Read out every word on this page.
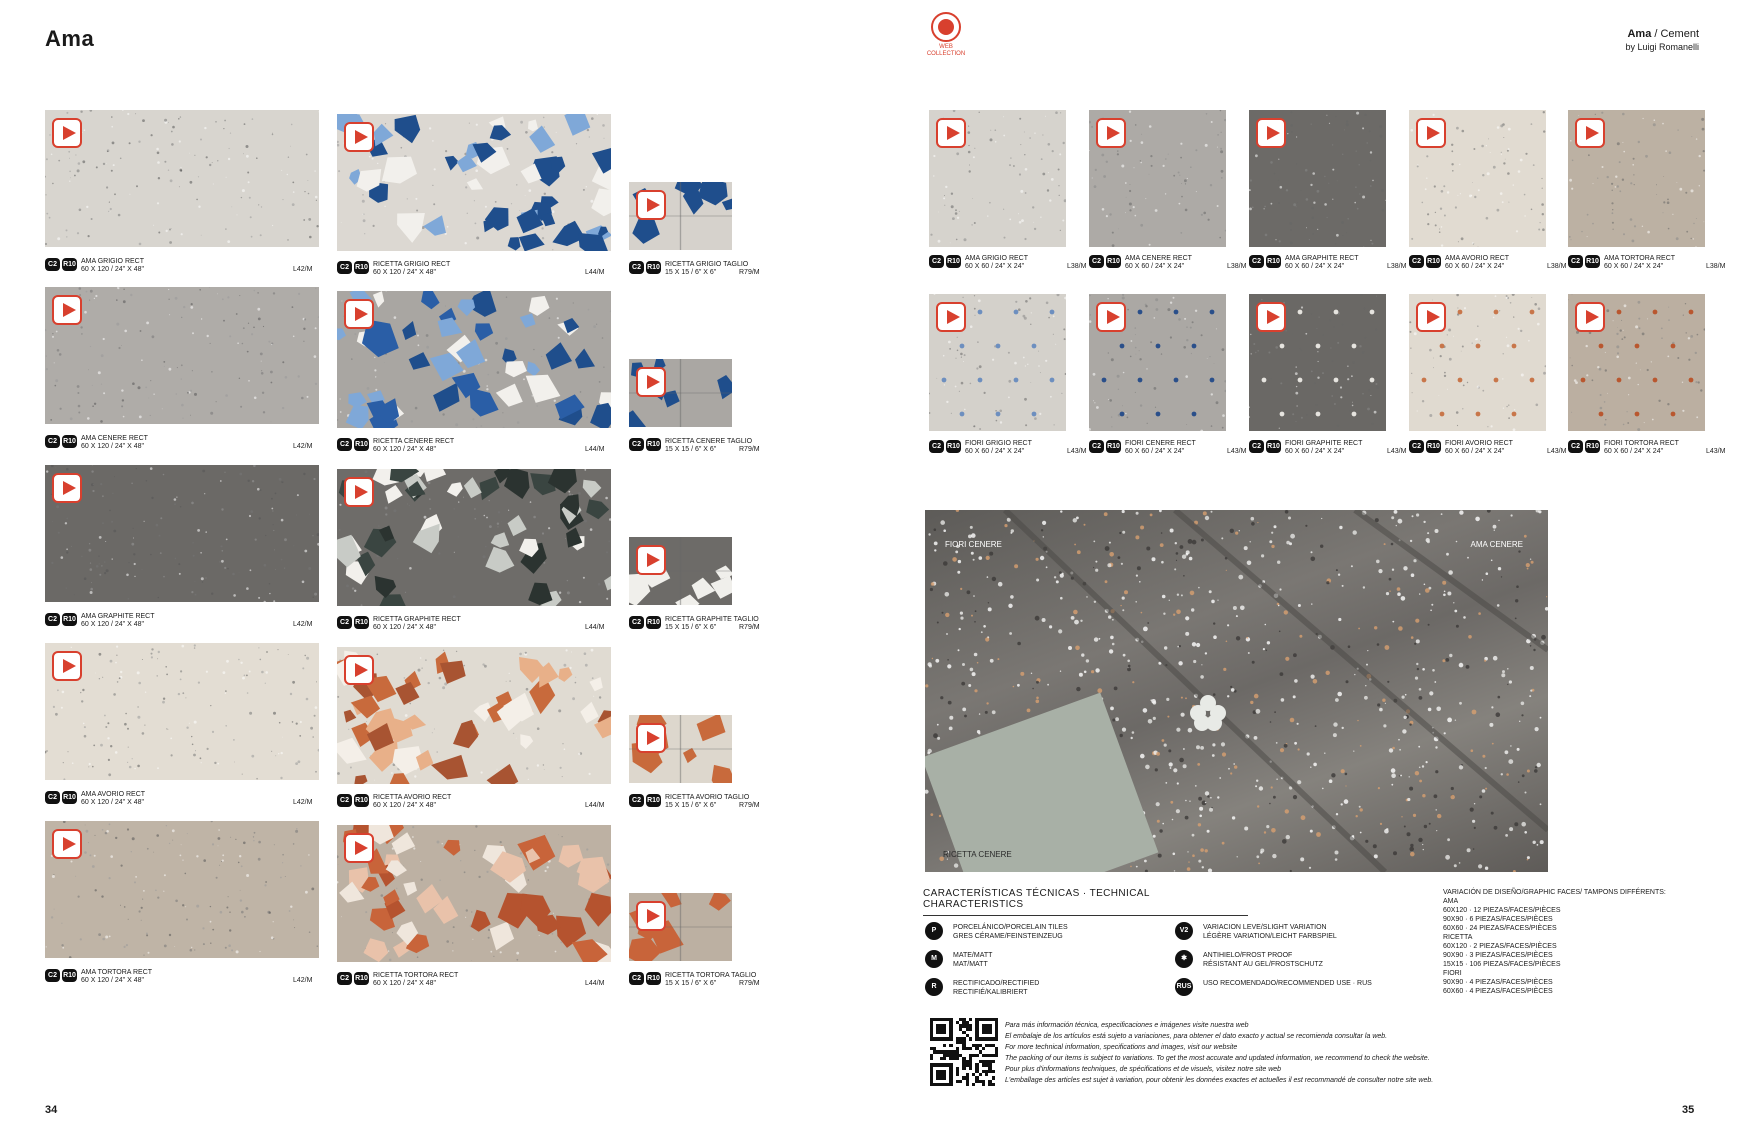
Ama
C2 R10 AMA GRIGIO RECT
60 X 120 / 24" X 48"	L42/M	C2 R10 RICETTA GRIGIO RECT
60 X 120 / 24" X 48"	L44/M
C2 R10 RICETTA GRIGIO TAGLIO
15 X 15 / 6" X 6"	R79/M
C2 R10 AMA CENERE RECT
60 X 120 / 24" X 48"	L42/M	C2 R10 RICETTA CENERE RECT
60 X 120 / 24" X 48"	L44/M
C2 R10 RICETTA CENERE TAGLIO
15 X 15 / 6" X 6"	R79/M
C2 R10 AMA GRAPHITE RECT
60 X 120 / 24" X 48"	L42/M	C2 R10 RICETTA GRAPHITE RECT
60 X 120 / 24" X 48"	L44/M
C2 R10 RICETTA GRAPHITE TAGLIO
15 X 15 / 6" X 6"	R79/M
C2 R10 AMA AVORIO RECT
60 X 120 / 24" X 48"	L42/M	C2 R10 RICETTA AVORIO RECT
60 X 120 / 24" X 48"	L44/M
C2 R10 RICETTA AVORIO TAGLIO
15 X 15 / 6" X 6"	R79/M
C2 R10 AMA TORTORA RECT
60 X 120 / 24" X 48"	L42/M	C2 R10 RICETTA TORTORA RECT
60 X 120 / 24" X 48"	L44/M
C2 R10 RICETTA TORTORA TAGLIO
15 X 15 / 6" X 6"	R79/M
34
WEB COLLECTION
Ama / Cement
by Luigi Romanelli
C2 R10 AMA GRIGIO RECT
60 X 60 / 24" X 24"	L38/M
C2 R10 AMA CENERE RECT
60 X 60 / 24" X 24"	L38/M
C2 R10 AMA GRAPHITE RECT
60 X 60 / 24" X 24"	L38/M
C2 R10 AMA AVORIO RECT
60 X 60 / 24" X 24"	L38/M
C2 R10 AMA TORTORA RECT
60 X 60 / 24" X 24"	L38/M
C2 R10 FIORI GRIGIO RECT
60 X 60 / 24" X 24"	L43/M
C2 R10 FIORI CENERE RECT
60 X 60 / 24" X 24"	L43/M
C2 R10 FIORI GRAPHITE RECT
60 X 60 / 24" X 24"	L43/M
C2 R10 FIORI AVORIO RECT
60 X 60 / 24" X 24"	L43/M
C2 R10 FIORI TORTORA RECT
60 X 60 / 24" X 24"	L43/M
FIORI CENERE	AMA CENERE
RICETTA CENERE
CARACTERÍSTICAS TÉCNICAS · TECHNICAL CHARACTERISTICS
P	PORCELÁNICO/PORCELAIN TILES
GRES CÉRAME/FEINSTEINZEUG
M	MATE/MATT
MAT/MATT
R	RECTIFICADO/RECTIFIED
RECTIFIÉ/KALIBRIERT
V2	VARIACION LEVE/SLIGHT VARIATION
LÉGÈRE VARIATION/LEICHT FARBSPIEL
✱	ANTIHIELO/FROST PROOF
RÉSISTANT AU GEL/FROSTSCHUTZ
RUS USO RECOMENDADO/RECOMMENDED USE · RUS
VARIACIÓN DE DISEÑO/GRAPHIC FACES/ TAMPONS DIFFÉRENTS:
AMA
60X120 · 12 PIEZAS/FACES/PIÈCES
90X90 · 6 PIEZAS/FACES/PIÈCES
60X60 · 24 PIEZAS/FACES/PIÈCES
RICETTA
60X120 · 2 PIEZAS/FACES/PIÈCES
90X90 · 3 PIEZAS/FACES/PIÈCES
15X15 · 106 PIEZAS/FACES/PIÈCES
FIORI
90X90 · 4 PIEZAS/FACES/PIÈCES
60X60 · 4 PIEZAS/FACES/PIÈCES
Para más información técnica, especificaciones e imágenes visite nuestra web
El embalaje de los artículos está sujeto a variaciones, para obtener el dato exacto y actual se recomienda consultar la web.
For more technical information, specifications and images, visit our website
The packing of our items is subject to variations. To get the most accurate and updated information, we recommend to check the website.
Pour plus d'informations techniques, de spécifications et de visuels, visitez notre site web
L'emballage des articles est sujet à variation, pour obtenir les données exactes et actuelles il est recommandé de consulter notre site web.
35
